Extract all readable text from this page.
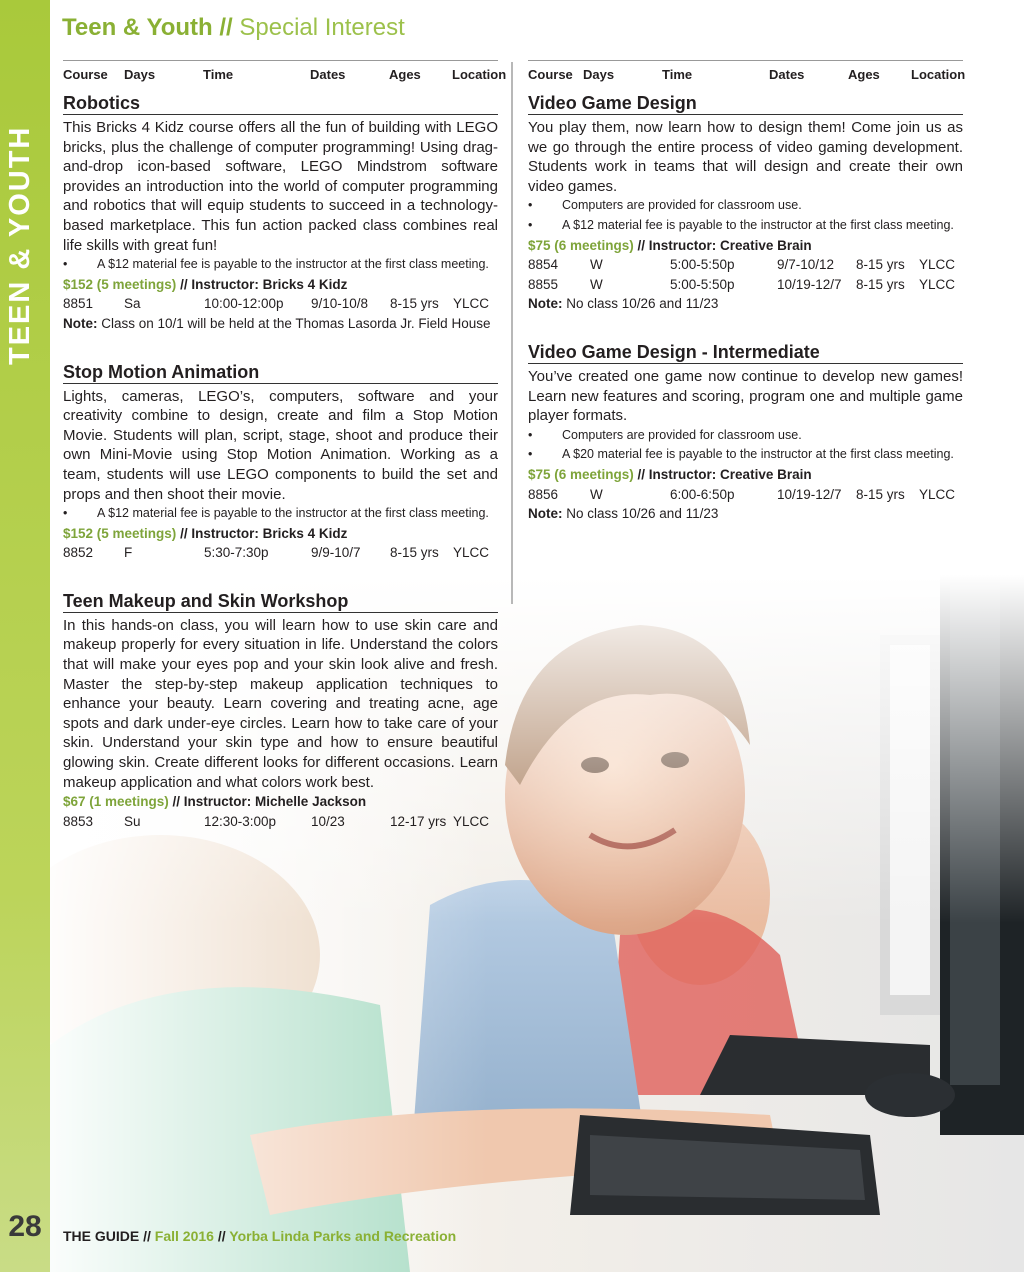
TEEN & YOUTH
28
Teen & Youth // Special Interest
Course	Days	Time	Dates	Ages	Location
Robotics

This Bricks 4 Kidz course offers all the fun of building with LEGO bricks, plus the challenge of computer programming! Using drag-and-drop icon-based software, LEGO Mindstrom software provides an introduction into the world of computer programming and robotics that will equip students to succeed in a technology-based marketplace. This fun action packed class combines real life skills with great fun!

•	A $12 material fee is payable to the instructor at the first class meeting.
$152 (5 meetings) // Instructor: Bricks 4 Kidz
8851	Sa	10:00-12:00p	9/10-10/8	8-15 yrs	YLCC
Note: Class on 10/1 will be held at the Thomas Lasorda Jr. Field House
Stop Motion Animation

Lights, cameras, LEGO’s, computers, software and your creativity combine to design, create and film a Stop Motion Movie. Students will plan, script, stage, shoot and produce their own Mini-Movie using Stop Motion Animation. Working as a team, students will use LEGO components to build the set and props and then shoot their movie.

•	A $12 material fee is payable to the instructor at the first class meeting.
$152 (5 meetings) // Instructor: Bricks 4 Kidz
8852	F	5:30-7:30p	9/9-10/7	8-15 yrs	YLCC
Teen Makeup and Skin Workshop

In this hands-on class, you will learn how to use skin care and makeup properly for every situation in life. Understand the colors that will make your eyes pop and your skin look alive and fresh. Master the step-by-step makeup application techniques to enhance your beauty. Learn covering and treating acne, age spots and dark under-eye circles. Learn how to take care of your skin. Understand your skin type and how to ensure beautiful glowing skin. Create different looks for different occasions. Learn makeup application and what colors work best.

$67 (1 meetings) // Instructor: Michelle Jackson
8853	Su	12:30-3:00p	10/23	12-17 yrs YLCC
Course Days	Time	Dates	Ages	Location
Video Game Design

You play them, now learn how to design them! Come join us as we go through the entire process of video gaming development. Students work in teams that will design and create their own video games.

•	Computers are provided for classroom use.
•	A $12 material fee is payable to the instructor at the first class meeting.
$75 (6 meetings) // Instructor: Creative Brain
8854	W	5:00-5:50p	9/7-10/12	8-15 yrs	YLCC
8855	W	5:00-5:50p	10/19-12/7	8-15 yrs	YLCC
Note: No class 10/26 and 11/23
Video Game Design - Intermediate

You’ve created one game now continue to develop new games! Learn new features and scoring, program one and multiple game player formats.

•	Computers are provided for classroom use.
•	A $20 material fee is payable to the instructor at the first class meeting.
$75 (6 meetings) // Instructor: Creative Brain
8856	W	6:00-6:50p	10/19-12/7	8-15 yrs	YLCC
Note: No class 10/26 and 11/23
THE GUIDE // Fall 2016 // Yorba Linda Parks and Recreation
